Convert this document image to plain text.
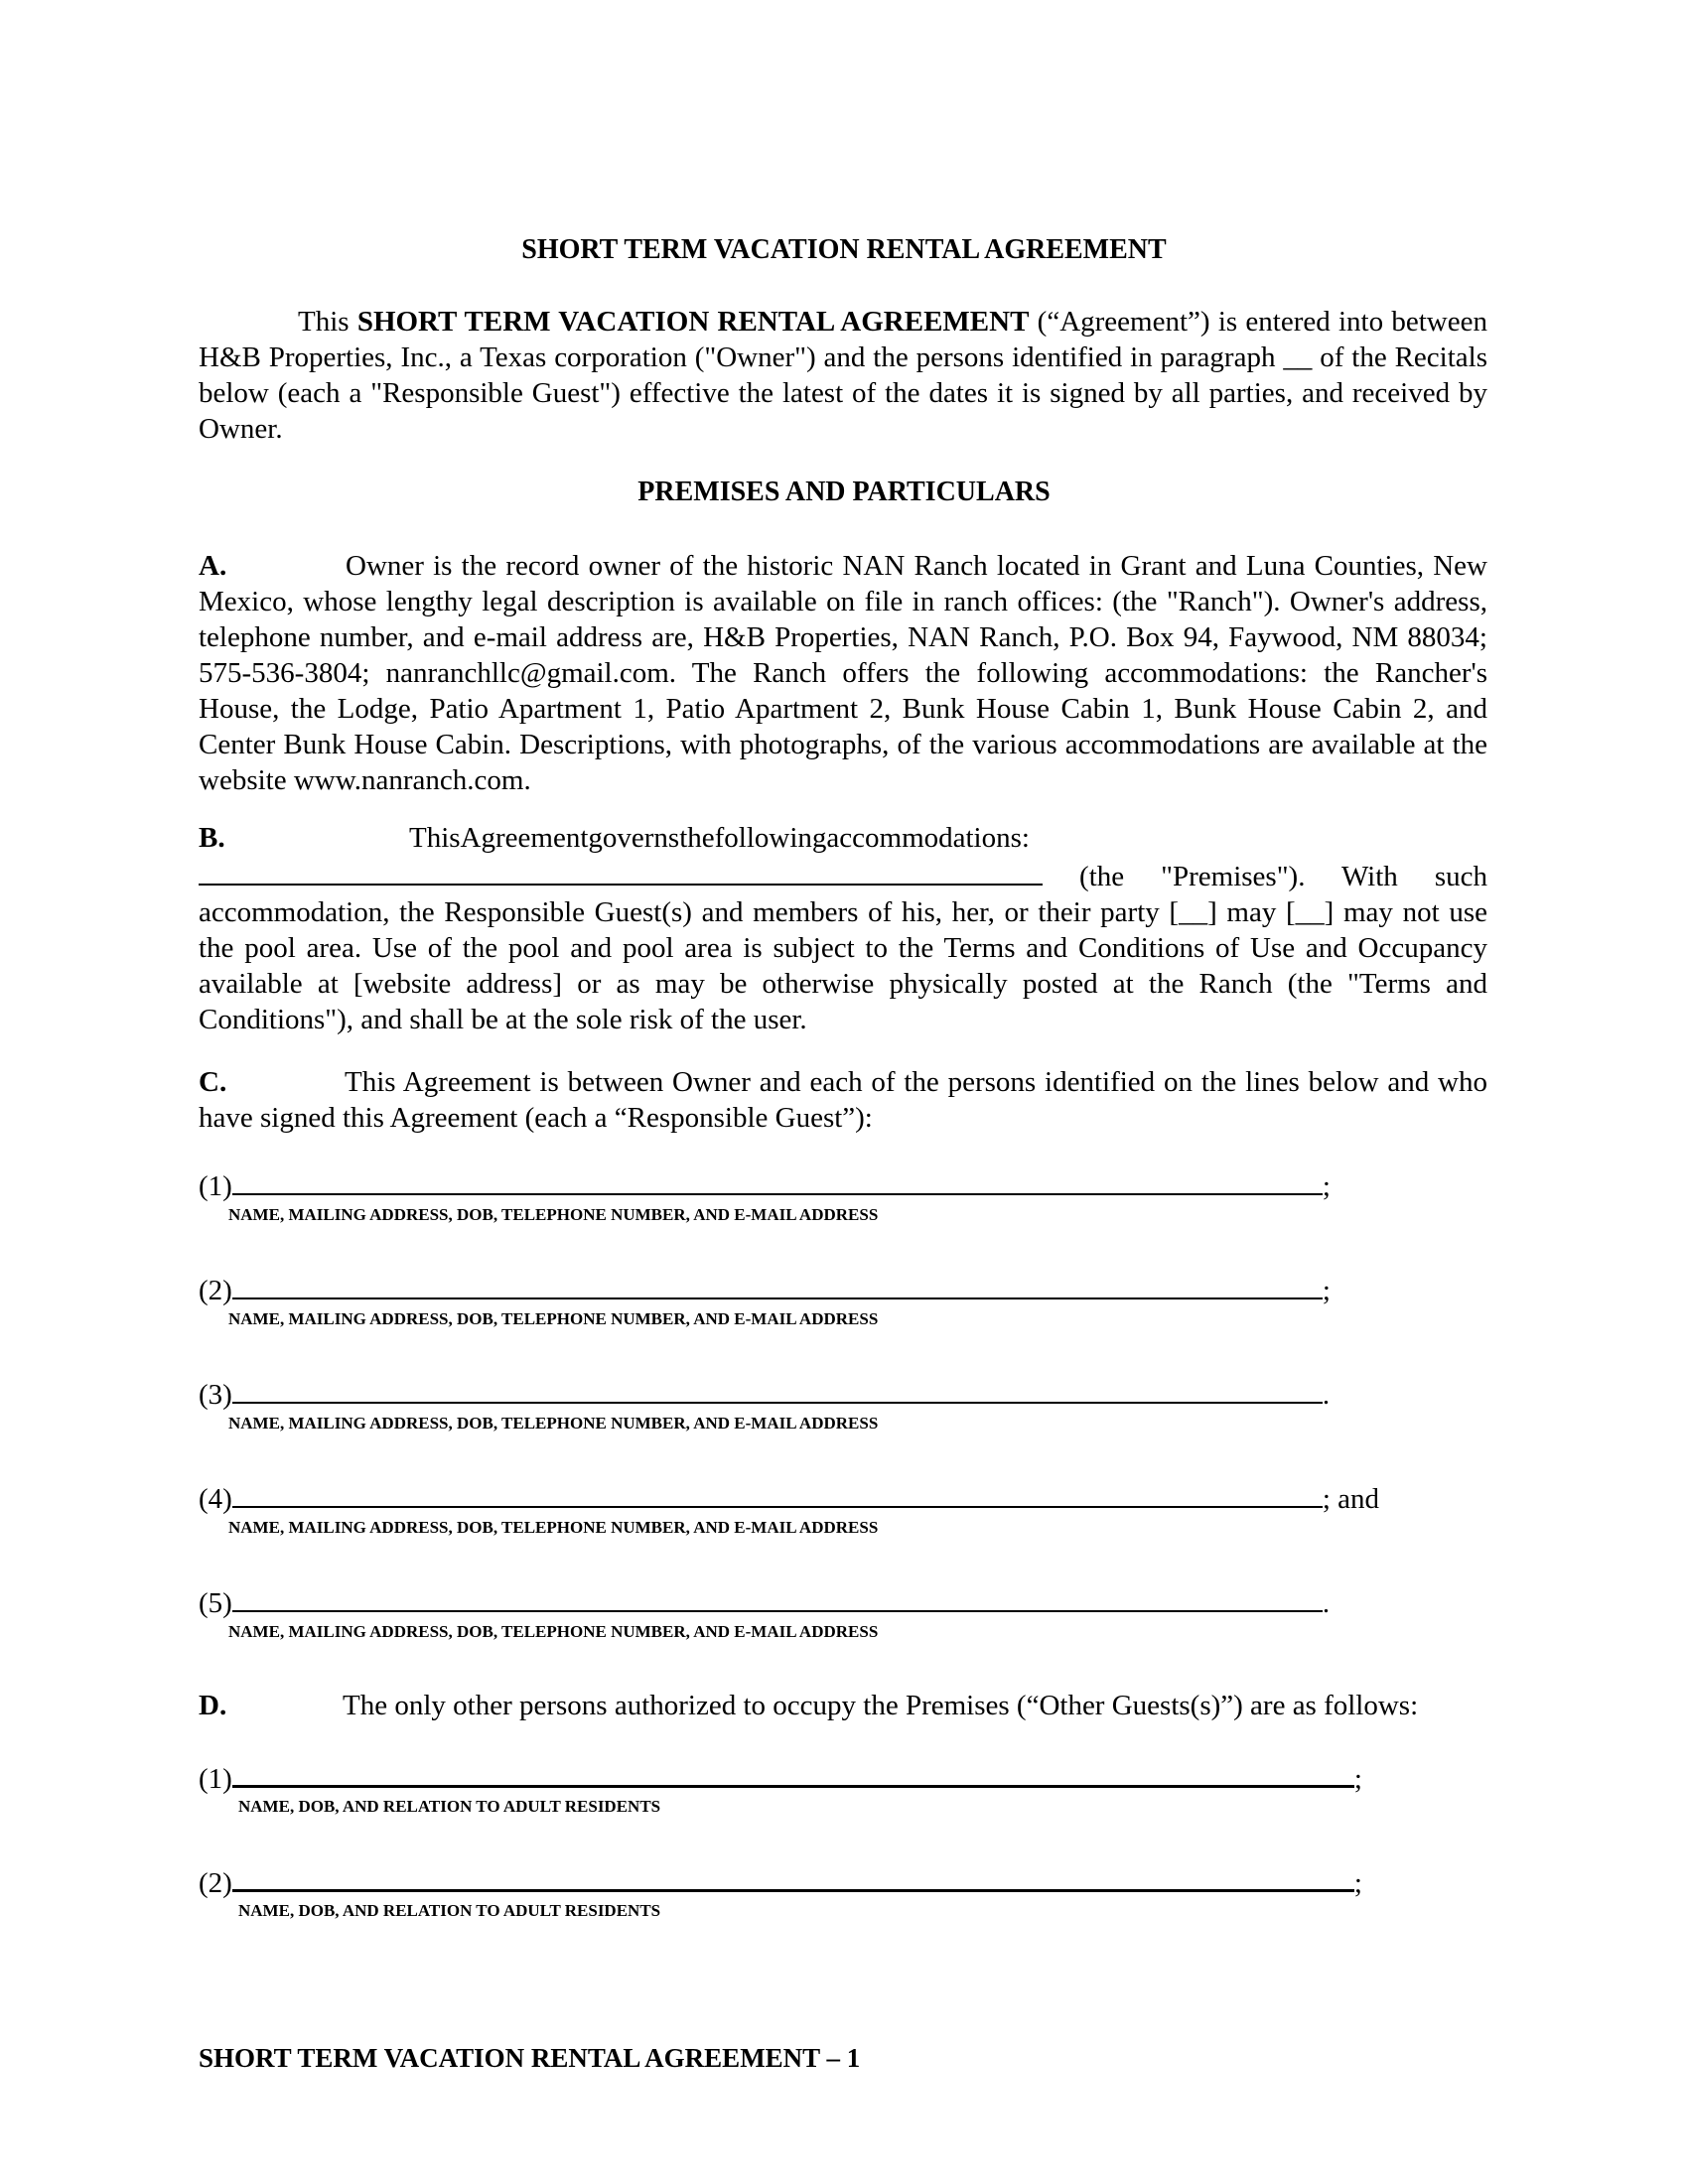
SHORT TERM VACATION RENTAL AGREEMENT

This SHORT TERM VACATION RENTAL AGREEMENT (“Agreement”) is entered into between H&B Properties, Inc., a Texas corporation ("Owner") and the persons identified in paragraph __ of the Recitals below (each a "Responsible Guest") effective the latest of the dates it is signed by all parties, and received by Owner.

PREMISES AND PARTICULARS

A.	Owner is the record owner of the historic NAN Ranch located in Grant and Luna Counties, New Mexico, whose lengthy legal description is available on file in ranch offices: (the "Ranch"). Owner's address, telephone number, and e-mail address are, H&B Properties, NAN Ranch, P.O. Box 94, Faywood, NM 88034; 575-536-3804; nanranchllc@gmail.com. The Ranch offers the following accommodations: the Rancher's House, the Lodge, Patio Apartment 1, Patio Apartment 2, Bunk House Cabin 1, Bunk House Cabin 2, and Center Bunk House Cabin. Descriptions, with photographs, of the various accommodations are available at the website www.nanranch.com.

B.	ThisAgreementgovernsthefollowingaccommodations:
(the "Premises"). With such accommodation, the Responsible Guest(s) and members of his, her, or their party [__] may [__] may not use the pool area. Use of the pool and pool area is subject to the Terms and Conditions of Use and Occupancy available at [website address] or as may be otherwise physically posted at the Ranch (the "Terms and Conditions"), and shall be at the sole risk of the user.

C.	This Agreement is between Owner and each of the persons identified on the lines below and who have signed this Agreement (each a “Responsible Guest”):

(1)	;
NAME, MAILING ADDRESS, DOB, TELEPHONE NUMBER, AND E-MAIL ADDRESS
(2)	;
NAME, MAILING ADDRESS, DOB, TELEPHONE NUMBER, AND E-MAIL ADDRESS
(3)	.
NAME, MAILING ADDRESS, DOB, TELEPHONE NUMBER, AND E-MAIL ADDRESS
(4)	; and
NAME, MAILING ADDRESS, DOB, TELEPHONE NUMBER, AND E-MAIL ADDRESS
(5)	.
NAME, MAILING ADDRESS, DOB, TELEPHONE NUMBER, AND E-MAIL ADDRESS

D.	The only other persons authorized to occupy the Premises (“Other Guests(s)”) are as follows:

(1)	;
NAME, DOB, AND RELATION TO ADULT RESIDENTS
(2)	;
NAME, DOB, AND RELATION TO ADULT RESIDENTS
SHORT TERM VACATION RENTAL AGREEMENT – 1
